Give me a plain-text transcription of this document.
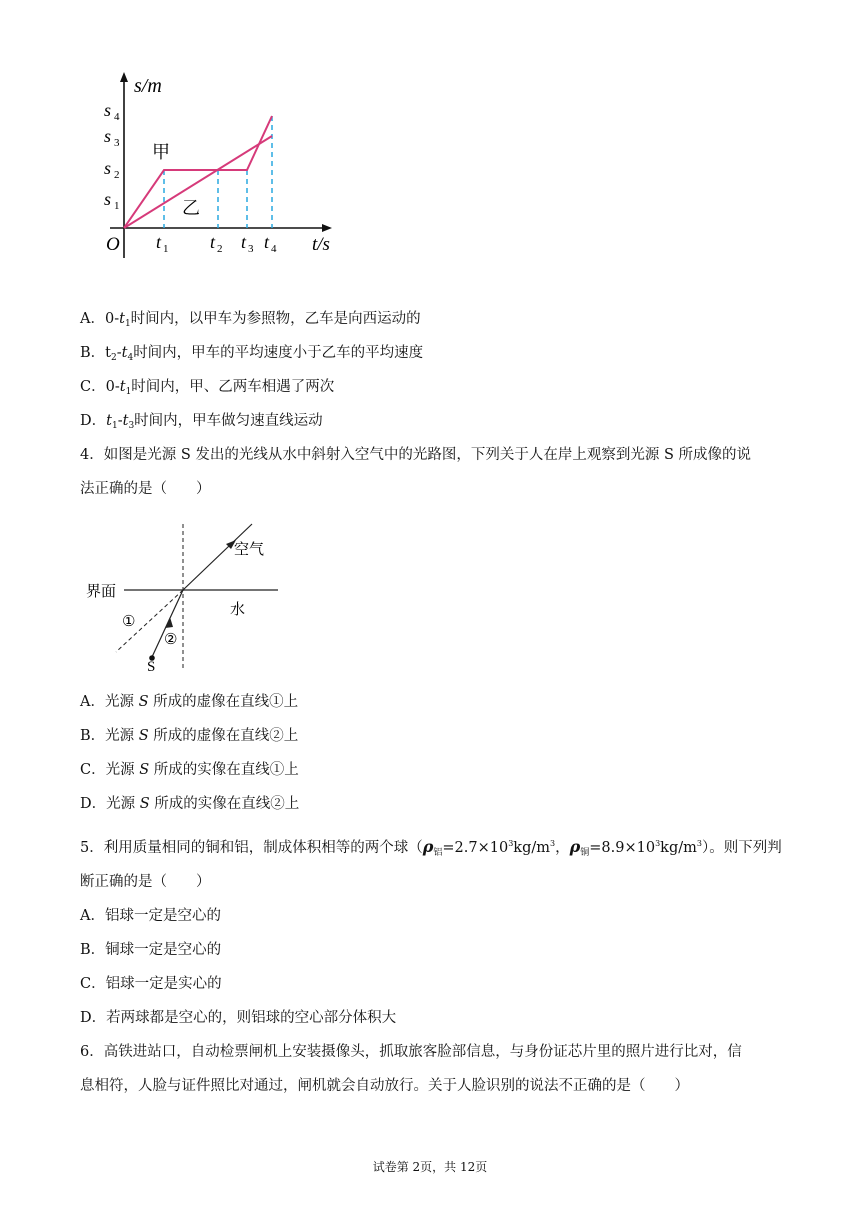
s/m
O	t/s
甲
乙
s 4
s 3
s 2
s 1
t 1 t 2 t 3 t 4
A．$0-t_1$时间内，以甲车为参照物，乙车是向西运动的
B．$t_2-t_4$时间内，甲车的平均速度小于乙车的平均速度
C．$0-t_1$时间内，甲、乙两车相遇了两次
D．$t_1-t_3$时间内，甲车做匀速直线运动
4．如图是光源 S 发出的光线从水中斜射入空气中的光路图，下列关于人在岸上观察到光源 S 所成像的说
法正确的是（　　）
空气
界面
水
①
②
S
A．光源 S 所成的虚像在直线①上
B．光源 S 所成的虚像在直线②上
C．光源 S 所成的实像在直线①上
D．光源 S 所成的实像在直线②上
5．利用质量相同的铜和铝，制成体积相等的两个球（$\rho_铝=2.7\times 10^3kg/m^3$，$\rho_铜=8.9\times 10^3kg/m^3$）。则下列判
断正确的是（　　）
A．铝球一定是空心的
B．铜球一定是空心的
C．铝球一定是实心的
D．若两球都是空心的，则铝球的空心部分体积大
6．高铁进站口，自动检票闸机上安装摄像头，抓取旅客脸部信息，与身份证芯片里的照片进行比对，信
息相符，人脸与证件照比对通过，闸机就会自动放行。关于人脸识别的说法不正确的是（　　）
试卷第 2页，共 12页
